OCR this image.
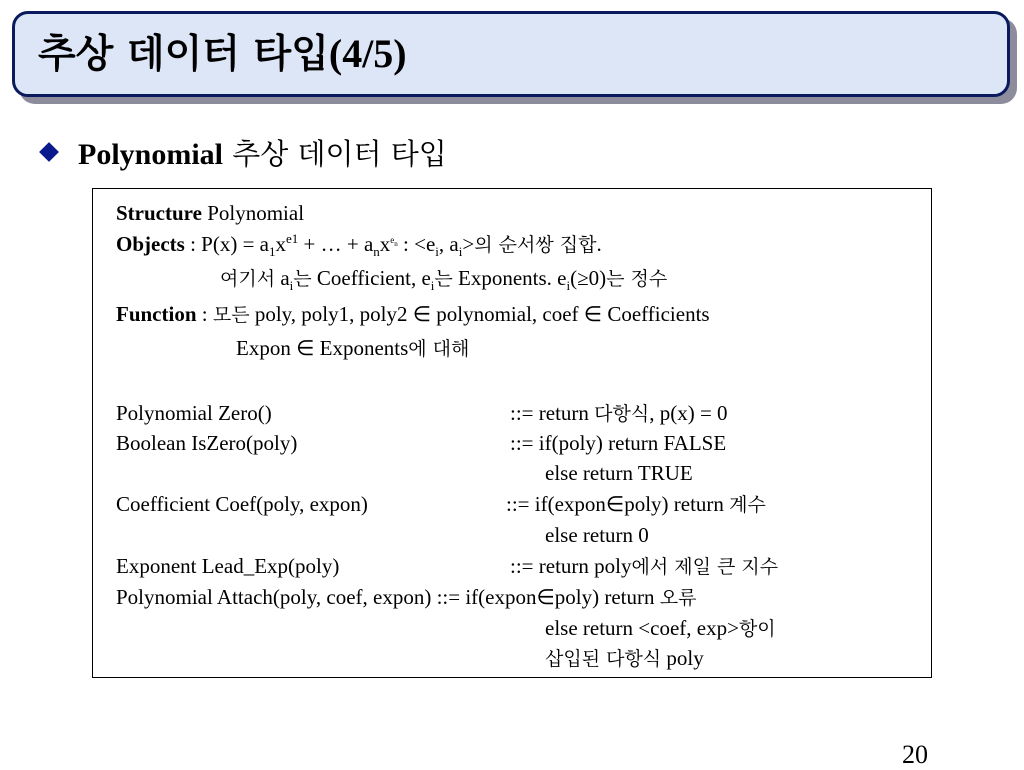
추상 데이터 타입(4/5)
Polynomial 추상 데이터 타입
Structure Polynomial
Objects : $P(x) = a_1x^{e1}$ + … + $a_nx^{e_n}$ : $<e_i$, $a_i>$의 순서쌍 집합.
여기서 $a_i$는 Coefficient, $e_i$는 Exponents. $e_i(\ge 0)$는 정수
Function : 모든 poly, poly1, poly2 ∈ polynomial, coef ∈ Coefficients
Expon ∈ Exponents에 대해
Polynomial Zero()	::= return 다항식, p(x) = 0
Boolean IsZero(poly)	::= if(poly) return FALSE
else return TRUE
Coefficient Coef(poly, expon)	::= if(expon∈poly) return 계수
else return 0
Exponent Lead_Exp(poly)	::= return poly에서 제일 큰 지수
Polynomial Attach(poly, coef, expon) ::= if(expon∈poly) return 오류
else return <coef, exp>항이
삽입된 다항식 poly
20
